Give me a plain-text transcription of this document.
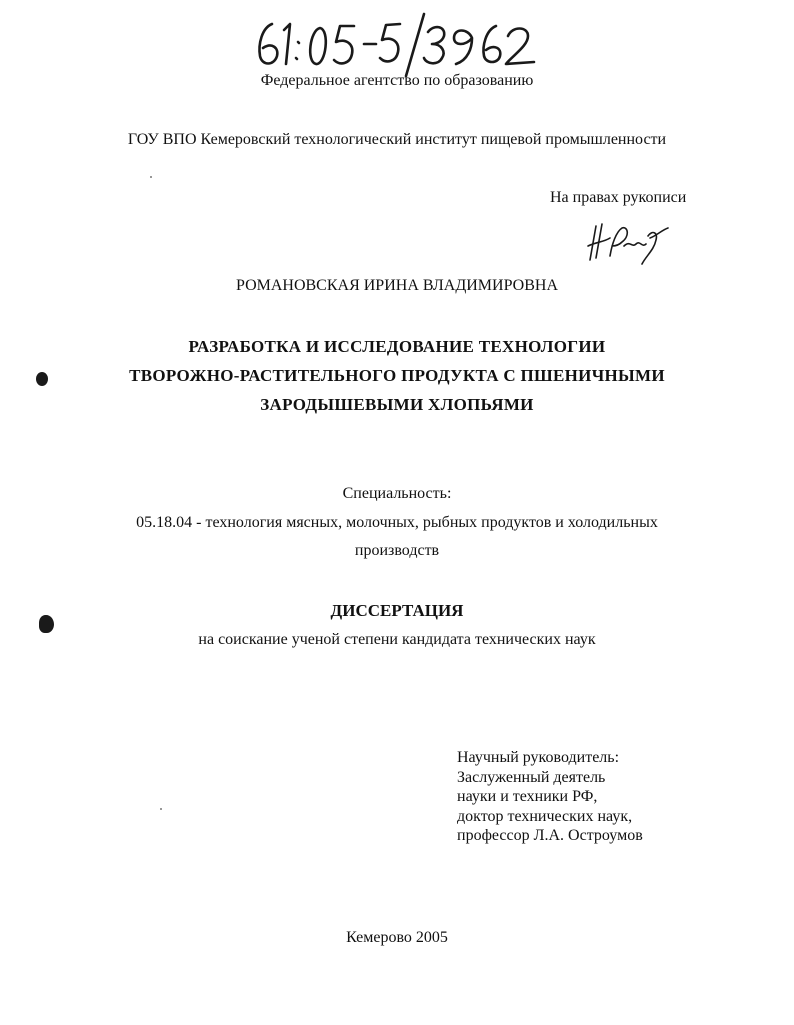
Федеральное агентство по образованию
ГОУ ВПО Кемеровский технологический институт пищевой промышленности
На правах рукописи
РОМАНОВСКАЯ ИРИНА ВЛАДИМИРОВНА
РАЗРАБОТКА И ИССЛЕДОВАНИЕ ТЕХНОЛОГИИ
ТВОРОЖНО-РАСТИТЕЛЬНОГО ПРОДУКТА С ПШЕНИЧНЫМИ
ЗАРОДЫШЕВЫМИ ХЛОПЬЯМИ
Специальность:
05.18.04 - технология мясных, молочных, рыбных продуктов и холодильных
производств
ДИССЕРТАЦИЯ
на соискание ученой степени кандидата технических наук
Научный руководитель:
Заслуженный деятель
науки и техники РФ,
доктор технических наук,
профессор Л.А. Остроумов
Кемерово 2005
